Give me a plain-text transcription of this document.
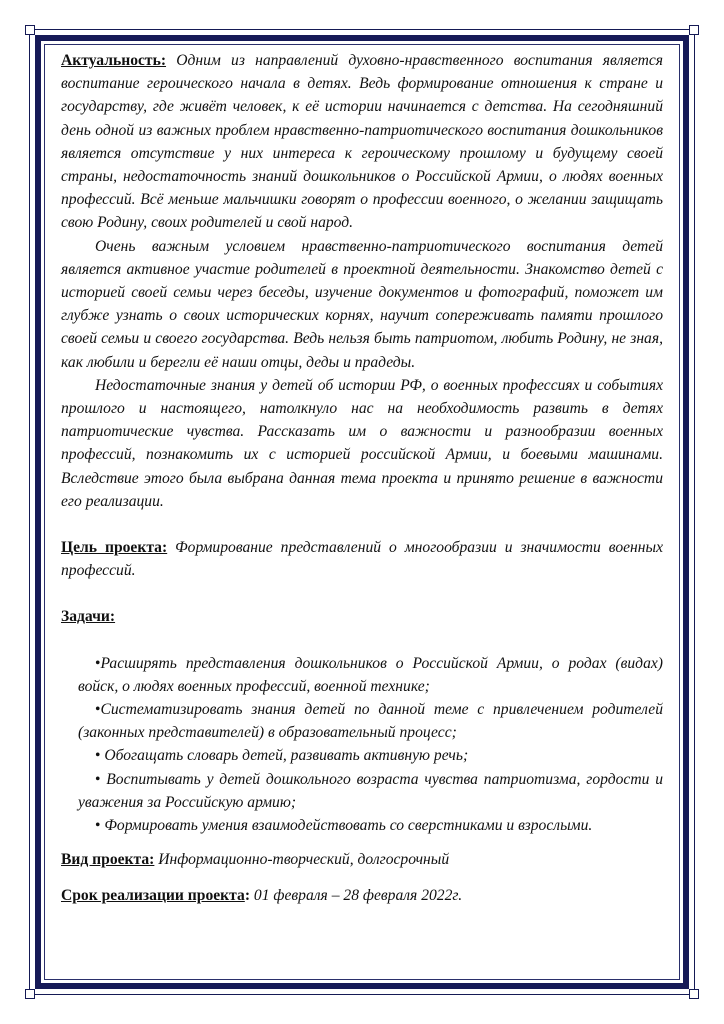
Актуальность: Одним из направлений духовно-нравственного воспитания является воспитание героического начала в детях. Ведь формирование отношения к стране и государству, где живёт человек, к её истории начинается с детства. На сегодняшний день одной из важных проблем нравственно-патриотического воспитания дошкольников является отсутствие у них интереса к героическому прошлому и будущему своей страны, недостаточность знаний дошкольников о Российской Армии, о людях военных профессий. Всё меньше мальчишки говорят о профессии военного, о желании защищать свою Родину, своих родителей и свой народ.

Очень важным условием нравственно-патриотического воспитания детей является активное участие родителей в проектной деятельности. Знакомство детей с историей своей семьи через беседы, изучение документов и фотографий, поможет им глубже узнать о своих исторических корнях, научит сопереживать памяти прошлого своей семьи и своего государства. Ведь нельзя быть патриотом, любить Родину, не зная, как любили и берегли её наши отцы, деды и прадеды.

Недостаточные знания у детей об истории РФ, о военных профессиях и событиях прошлого и настоящего, натолкнуло нас на необходимость развить в детях патриотические чувства. Рассказать им о важности и разнообразии военных профессий, познакомить их с историей российской Армии, и боевыми машинами. Вследствие этого была выбрана данная тема проекта и принято решение в важности его реализации.

Цель проекта: Формирование представлений о многообразии и значимости военных профессий.

Задачи:

•Расширять представления дошкольников о Российской Армии, о родах (видах) войск, о людях военных профессий, военной технике;
•Систематизировать знания детей по данной теме с привлечением родителей (законных представителей) в образовательный процесс;
• Обогащать словарь детей, развивать активную речь;
• Воспитывать у детей дошкольного возраста чувства патриотизма, гордости и уважения за Российскую армию;
• Формировать умения взаимодействовать со сверстниками и взрослыми.

Вид проекта: Информационно-творческий, долгосрочный

Срок реализации проекта: 01 февраля – 28 февраля 2022г.
